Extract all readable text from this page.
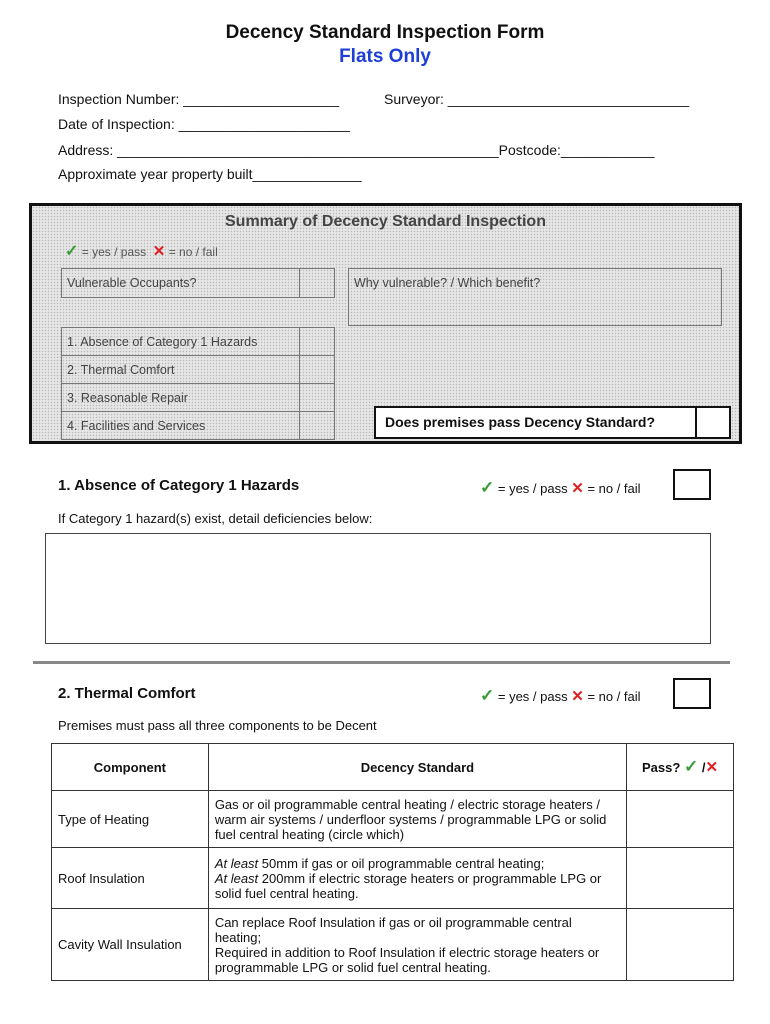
Decency Standard Inspection Form
Flats Only
Inspection Number: ____________________	Surveyor: _______________________________
Date of Inspection: ______________________
Address: _________________________________________________Postcode:____________
Approximate year property built______________
Summary of Decency Standard Inspection
✓ = yes / pass ✕ = no / fail
Vulnerable Occupants?	Why vulnerable? / Which benefit?
1. Absence of Category 1 Hazards
2. Thermal Comfort
3. Reasonable Repair
4. Facilities and Services	Does premises pass Decency Standard?
1. Absence of Category 1 Hazards	✓ = yes / pass ✕ = no / fail
If Category 1 hazard(s) exist, detail deficiencies below:
2. Thermal Comfort	✓ = yes / pass ✕ = no / fail
Premises must pass all three components to be Decent
Component	Decency Standard	Pass? ✓ /✕
Type of Heating	Gas or oil programmable central heating / electric storage heaters / warm air systems / underfloor systems / programmable LPG or solid fuel central heating (circle which)	
Roof Insulation	At least 50mm if gas or oil programmable central heating;
At least 200mm if electric storage heaters or programmable LPG or solid fuel central heating.	
Cavity Wall Insulation	Can replace Roof Insulation if gas or oil programmable central heating;
Required in addition to Roof Insulation if electric storage heaters or programmable LPG or solid fuel central heating.	
